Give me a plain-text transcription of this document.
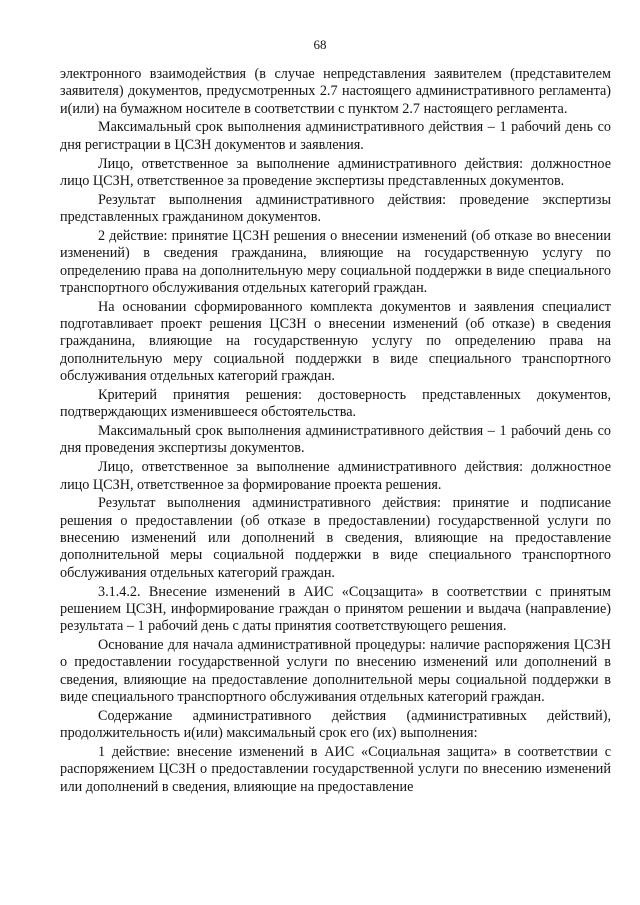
68

электронного взаимодействия (в случае непредставления заявителем (представителем заявителя) документов, предусмотренных 2.7 настоящего административного регламента) и(или) на бумажном носителе в соответствии с пунктом 2.7 настоящего регламента.

Максимальный срок выполнения административного действия – 1 рабочий день со дня регистрации в ЦСЗН документов и заявления.

Лицо, ответственное за выполнение административного действия: должностное лицо ЦСЗН, ответственное за проведение экспертизы представленных документов.

Результат выполнения административного действия: проведение экспертизы представленных гражданином документов.

2 действие: принятие ЦСЗН решения о внесении изменений (об отказе во внесении изменений) в сведения гражданина, влияющие на государственную услугу по определению права на дополнительную меру социальной поддержки в виде специального транспортного обслуживания отдельных категорий граждан.

На основании сформированного комплекта документов и заявления специалист подготавливает проект решения ЦСЗН о внесении изменений (об отказе) в сведения гражданина, влияющие на государственную услугу по определению права на дополнительную меру социальной поддержки в виде специального транспортного обслуживания отдельных категорий граждан.

Критерий принятия решения: достоверность представленных документов, подтверждающих изменившееся обстоятельства.

Максимальный срок выполнения административного действия – 1 рабочий день со дня проведения экспертизы документов.

Лицо, ответственное за выполнение административного действия: должностное лицо ЦСЗН, ответственное за формирование проекта решения.

Результат выполнения административного действия: принятие и подписание решения о предоставлении (об отказе в предоставлении) государственной услуги по внесению изменений или дополнений в сведения, влияющие на предоставление дополнительной меры социальной поддержки в виде специального транспортного обслуживания отдельных категорий граждан.

3.1.4.2. Внесение изменений в АИС «Соцзащита» в соответствии с принятым решением ЦСЗН, информирование граждан о принятом решении и выдача (направление) результата – 1 рабочий день с даты принятия соответствующего решения.

Основание для начала административной процедуры: наличие распоряжения ЦСЗН о предоставлении государственной услуги по внесению изменений или дополнений в сведения, влияющие на предоставление дополнительной меры социальной поддержки в виде специального транспортного обслуживания отдельных категорий граждан.

Содержание административного действия (административных действий), продолжительность и(или) максимальный срок его (их) выполнения:

1 действие: внесение изменений в АИС «Социальная защита» в соответствии с распоряжением ЦСЗН о предоставлении государственной услуги по внесению изменений или дополнений в сведения, влияющие на предоставление
